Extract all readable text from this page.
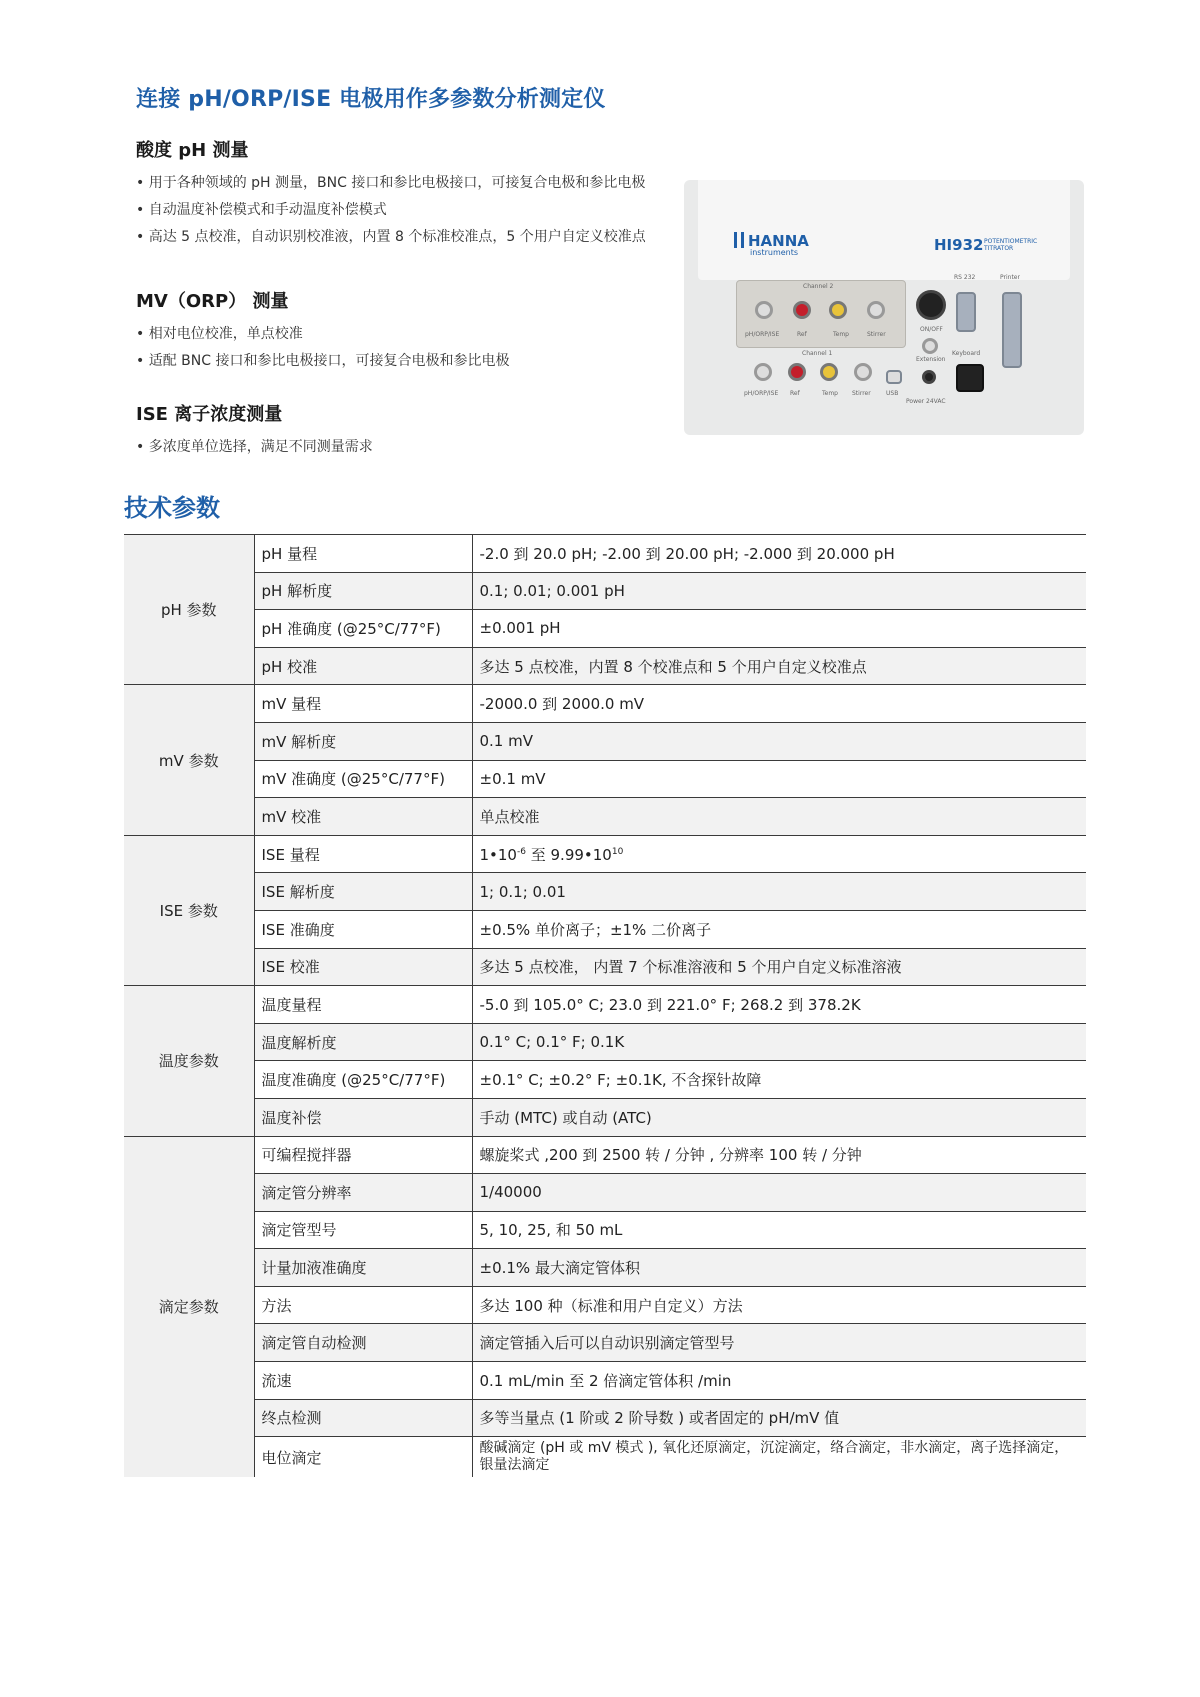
连接 pH/ORP/ISE 电极用作多参数分析测定仪
酸度 pH 测量
• 用于各种领域的 pH 测量，BNC 接口和参比电极接口，可接复合电极和参比电极
• 自动温度补偿模式和手动温度补偿模式
• 高达 5 点校准，自动识别校准液，内置 8 个标准校准点，5 个用户自定义校准点
MV（ORP） 测量
• 相对电位校准，单点校准
• 适配 BNC 接口和参比电极接口，可接复合电极和参比电极
ISE 离子浓度测量
• 多浓度单位选择，满足不同测量需求
HANNA
instruments	HI932 POTENTIOMETRIC TITRATOR
Channel 2
pH/ORP/ISE	Ref	Temp	Stirrer
Channel 1
pH/ORP/ISE Ref	Temp Stirrer	USB
ON/OFF
Extension
Power 24VAC
RS 232	Printer
Keyboard
技术参数
pH 参数	pH 量程	-2.0 到 20.0 pH; -2.00 到 20.00 pH; -2.000 到 20.000 pH
	pH 解析度	0.1; 0.01; 0.001 pH
	pH 准确度 (@25°C/77°F)	±0.001 pH
	pH 校准	多达 5 点校准，内置 8 个校准点和 5 个用户自定义校准点
mV 参数	mV 量程	-2000.0 到 2000.0 mV
	mV 解析度	0.1 mV
	mV 准确度 (@25°C/77°F)	±0.1 mV
	mV 校准	单点校准
ISE 参数	ISE 量程	$1•10^{-6}$ 至 $9.99•10^{10}$
	ISE 解析度	1; 0.1; 0.01
	ISE 准确度	±0.5% 单价离子；±1% 二价离子
	ISE 校准	多达 5 点校准， 内置 7 个标准溶液和 5 个用户自定义标准溶液
温度参数	温度量程	-5.0 到 105.0° C; 23.0 到 221.0° F; 268.2 到 378.2K
	温度解析度	0.1° C; 0.1° F; 0.1K
	温度准确度 (@25°C/77°F)	±0.1° C; ±0.2° F; ±0.1K, 不含探针故障
	温度补偿	手动 (MTC) 或自动 (ATC)
滴定参数	可编程搅拌器	螺旋桨式 ,200 到 2500 转 / 分钟 , 分辨率 100 转 / 分钟
	滴定管分辨率	1/40000
	滴定管型号	5, 10, 25, 和 50 mL
	计量加液准确度	±0.1% 最大滴定管体积
	方法	多达 100 种（标准和用户自定义）方法
	滴定管自动检测	滴定管插入后可以自动识别滴定管型号
	流速	0.1 mL/min 至 2 倍滴定管体积 /min
	终点检测	多等当量点 (1 阶或 2 阶导数 ) 或者固定的 pH/mV 值
	电位滴定	酸碱滴定 (pH 或 mV 模式 ), 氧化还原滴定，沉淀滴定，络合滴定，非水滴定，离子选择滴定，银量法滴定
